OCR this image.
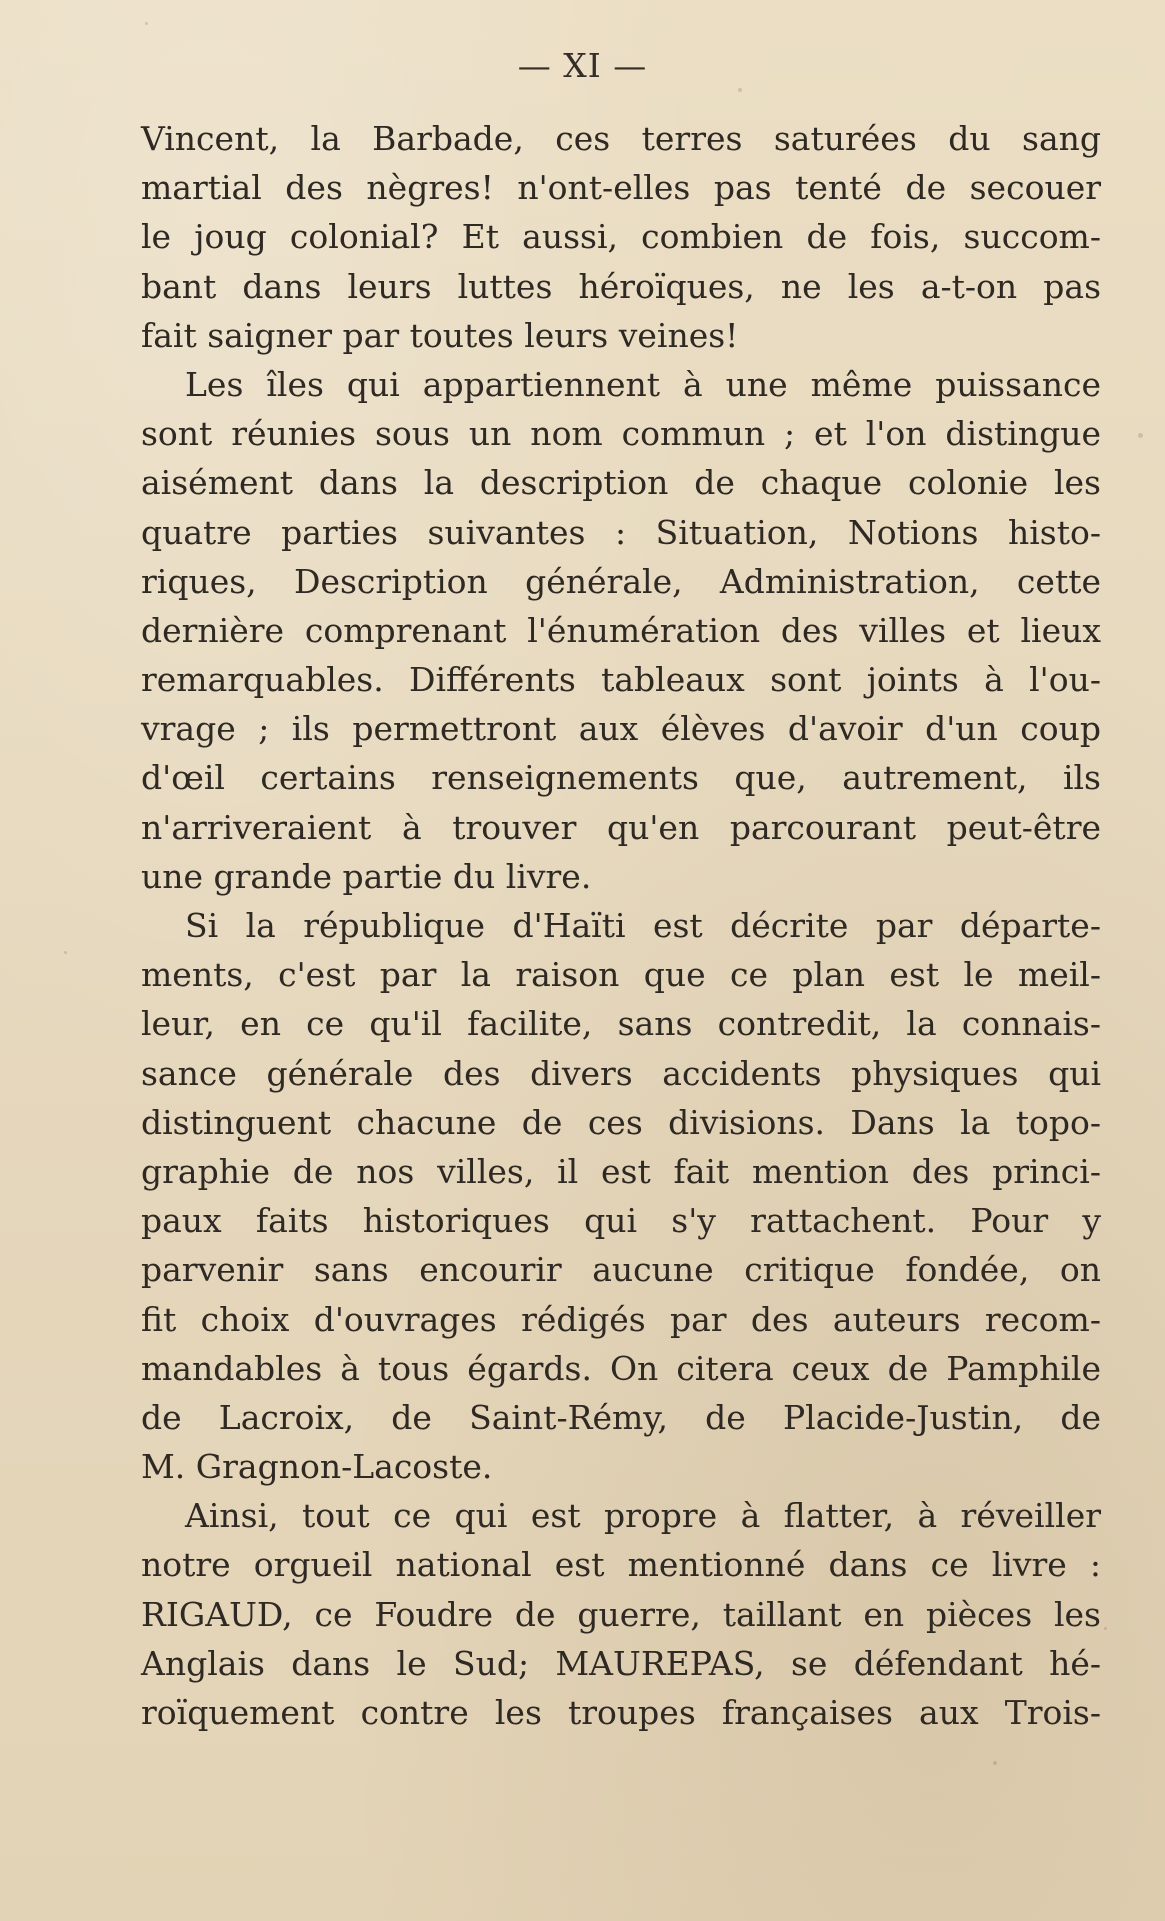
— XI —
Vincent, la Barbade, ces terres saturées du sang
martial des nègres! n'ont-elles pas tenté de secouer
le joug colonial? Et aussi, combien de fois, succom-
bant dans leurs luttes héroïques, ne les a-t-on pas
fait saigner par toutes leurs veines!
Les îles qui appartiennent à une même puissance
sont réunies sous un nom commun ; et l'on distingue
aisément dans la description de chaque colonie les
quatre parties suivantes : Situation, Notions histo-
riques, Description générale, Administration, cette
dernière comprenant l'énumération des villes et lieux
remarquables. Différents tableaux sont joints à l'ou-
vrage ; ils permettront aux élèves d'avoir d'un coup
d'œil certains renseignements que, autrement, ils
n'arriveraient à trouver qu'en parcourant peut-être
une grande partie du livre.
Si la république d'Haïti est décrite par départe-
ments, c'est par la raison que ce plan est le meil-
leur, en ce qu'il facilite, sans contredit, la connais-
sance générale des divers accidents physiques qui
distinguent chacune de ces divisions. Dans la topo-
graphie de nos villes, il est fait mention des princi-
paux faits historiques qui s'y rattachent. Pour y
parvenir sans encourir aucune critique fondée, on
fit choix d'ouvrages rédigés par des auteurs recom-
mandables à tous égards. On citera ceux de Pamphile
de Lacroix, de Saint-Rémy, de Placide-Justin, de
M. Gragnon-Lacoste.
Ainsi, tout ce qui est propre à flatter, à réveiller
notre orgueil national est mentionné dans ce livre :
RIGAUD, ce Foudre de guerre, taillant en pièces les
Anglais dans le Sud; MAUREPAS, se défendant hé-
roïquement contre les troupes françaises aux Trois-
